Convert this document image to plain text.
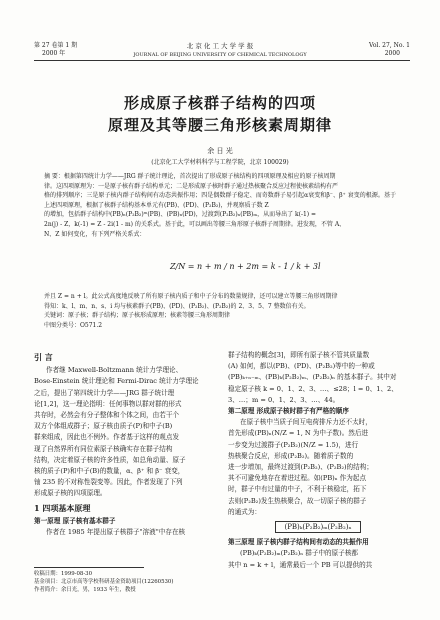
第 27 卷第 1 期
2000 年
北 京 化 工 大 学 学 报
JOURNAL OF BEIJING UNIVERSITY OF CHEMICAL TECHNOLOGY
Vol. 27, No. 1
2000
形成原子核群子结构的四项
原理及其等腰三角形核素周期律
余 日 光
(北京化工大学材料科学与工程学院，北京 100029)
摘 要：根据第四统计力学——JRG 群子统计理论，首次提出了形成原子核结构的四项原理及相应的原子核周期
律。这四项原理为：一是原子核有群子结构单元；二是形成原子核时群子通过热核聚合反应过程使核素结构有严
格的排列顺序；三是原子核内群子结构间有动态共振作用；四是偶数群子稳定、而奇数群子易引起α衰变和β⁻、β⁺ 衰变的根源。基于上述四项原理，根据了核群子结构基本单元有(PB)、(PD)、(P₂B₂)，并观察质子数 Z
的增加，包括群子结构中(PB)ₙ(P₂B₂)ᵐ(PB)、(PB)ₙ(PD)，过渡到(P₂B₂)ₙ(PB)ₘ，从而导出了 k(-1) =
2n(j) - Z，k(-1) = Z - 2i(1 - m) 的关系式。基于此，可以画出等腰三角形原子核群子周期律。进发现，不管 A、
N、Z 如何变化，有下列严格关系式：
Z/N = n + m / n + 2m = k - 1 / k + 3l
并且 Z = n + l。此公式高度地反映了所有原子核内质子和中子分布的数量规律，还可以建立等腰三角形周期律
得知：k、l、m、n、s、i 均与核素群子(PB)、(PD)、(P₂B₂)、(P₂B₂)的 2、3、5、7 整数倍有关。
关键词：原子核；群子结构；原子核形成原理；核素等腰三角形周期律
中图分类号：O571.2
引 言
作者继 Maxwell-Boltzmann 统计力学理论、
Bose-Einstein 统计理论和 Fermi-Dirac 统计力学理论
之后，提出了第四统计力学——JRG 群子统计理
论[1,2]，这一理论指明：任何事物以群对群的形式
共存时，必然会有分子整体和个体之间，由若干个
双方个体组成群子；原子核由质子(P)和中子(B)
群来组成，因此也不例外。作者基于这样的观点发
现了自然界所有同位素原子核确实存在群子结构
结构，决定着原子核的许多性质，如总角动量、原子
核的质子(P)和中子(B)的数量，α、β⁺ 和 β⁻ 衰变，
铀 235 的不对称性裂变等。因此，作者发现了下列
形成原子核的四项原理。
1 四项基本原理
第一原理 原子核有基本群子
作者在 1985 年提出原子核群子"溶液"中存在核
收稿日期：1999-08-30
基金项目：北京市高等学校科研基金资助项目(12260530)
作者简介：余日光，男，1933 年生，教授
群子结构的概念[3]，即所有原子核不管其质量数
(A) 如何，都以(PB)、(PD)、(P₂B₂)等中的一种或
(PB)ₖ₊ₙ₋ₘ、(PB)ₖ(P₂B₂)ₘ、(P₂B₂)ₙ 的基本群子。其中对
稳定原子核 k = 0、1、2、3、…、≤28；l = 0、1、2、
3、…；m = 0、1、2、3、…、44。
第二原理 形成原子核时群子有严格的顺序
在原子核中当质子间互电荷排斥力还不太时，
首先形成(PB)ₙ(N/Z = 1, N 为中子数)。然后进
一步变为过渡群子(P₂B₂)(N/Z = 1.5)，进行
热核聚合反应，形成(P₂B₂)。随着质子数的
进一步增加，最终过渡到(P₂B₂)、(P₂B₂)的结构；
其不可避免地存在着进过程。如(PB)ₙ 作为起点
时，群子中有过量的中子，不利于核稳定，拓下
去则(P₂B₂)发生热核聚合，故一切原子核的群子
的通式为：
(PB)ₖ(P₂B₂)ₘ(P₂B₂)ₙ
第三原理 原子核内群子结构间有动态的共振作用
(PB)ₖ(P₂B₂)ₘ(P₂B₂)ₙ 群子中的原子核都
其中 n = k + l，通常最后一个 PB 可以提供的共
